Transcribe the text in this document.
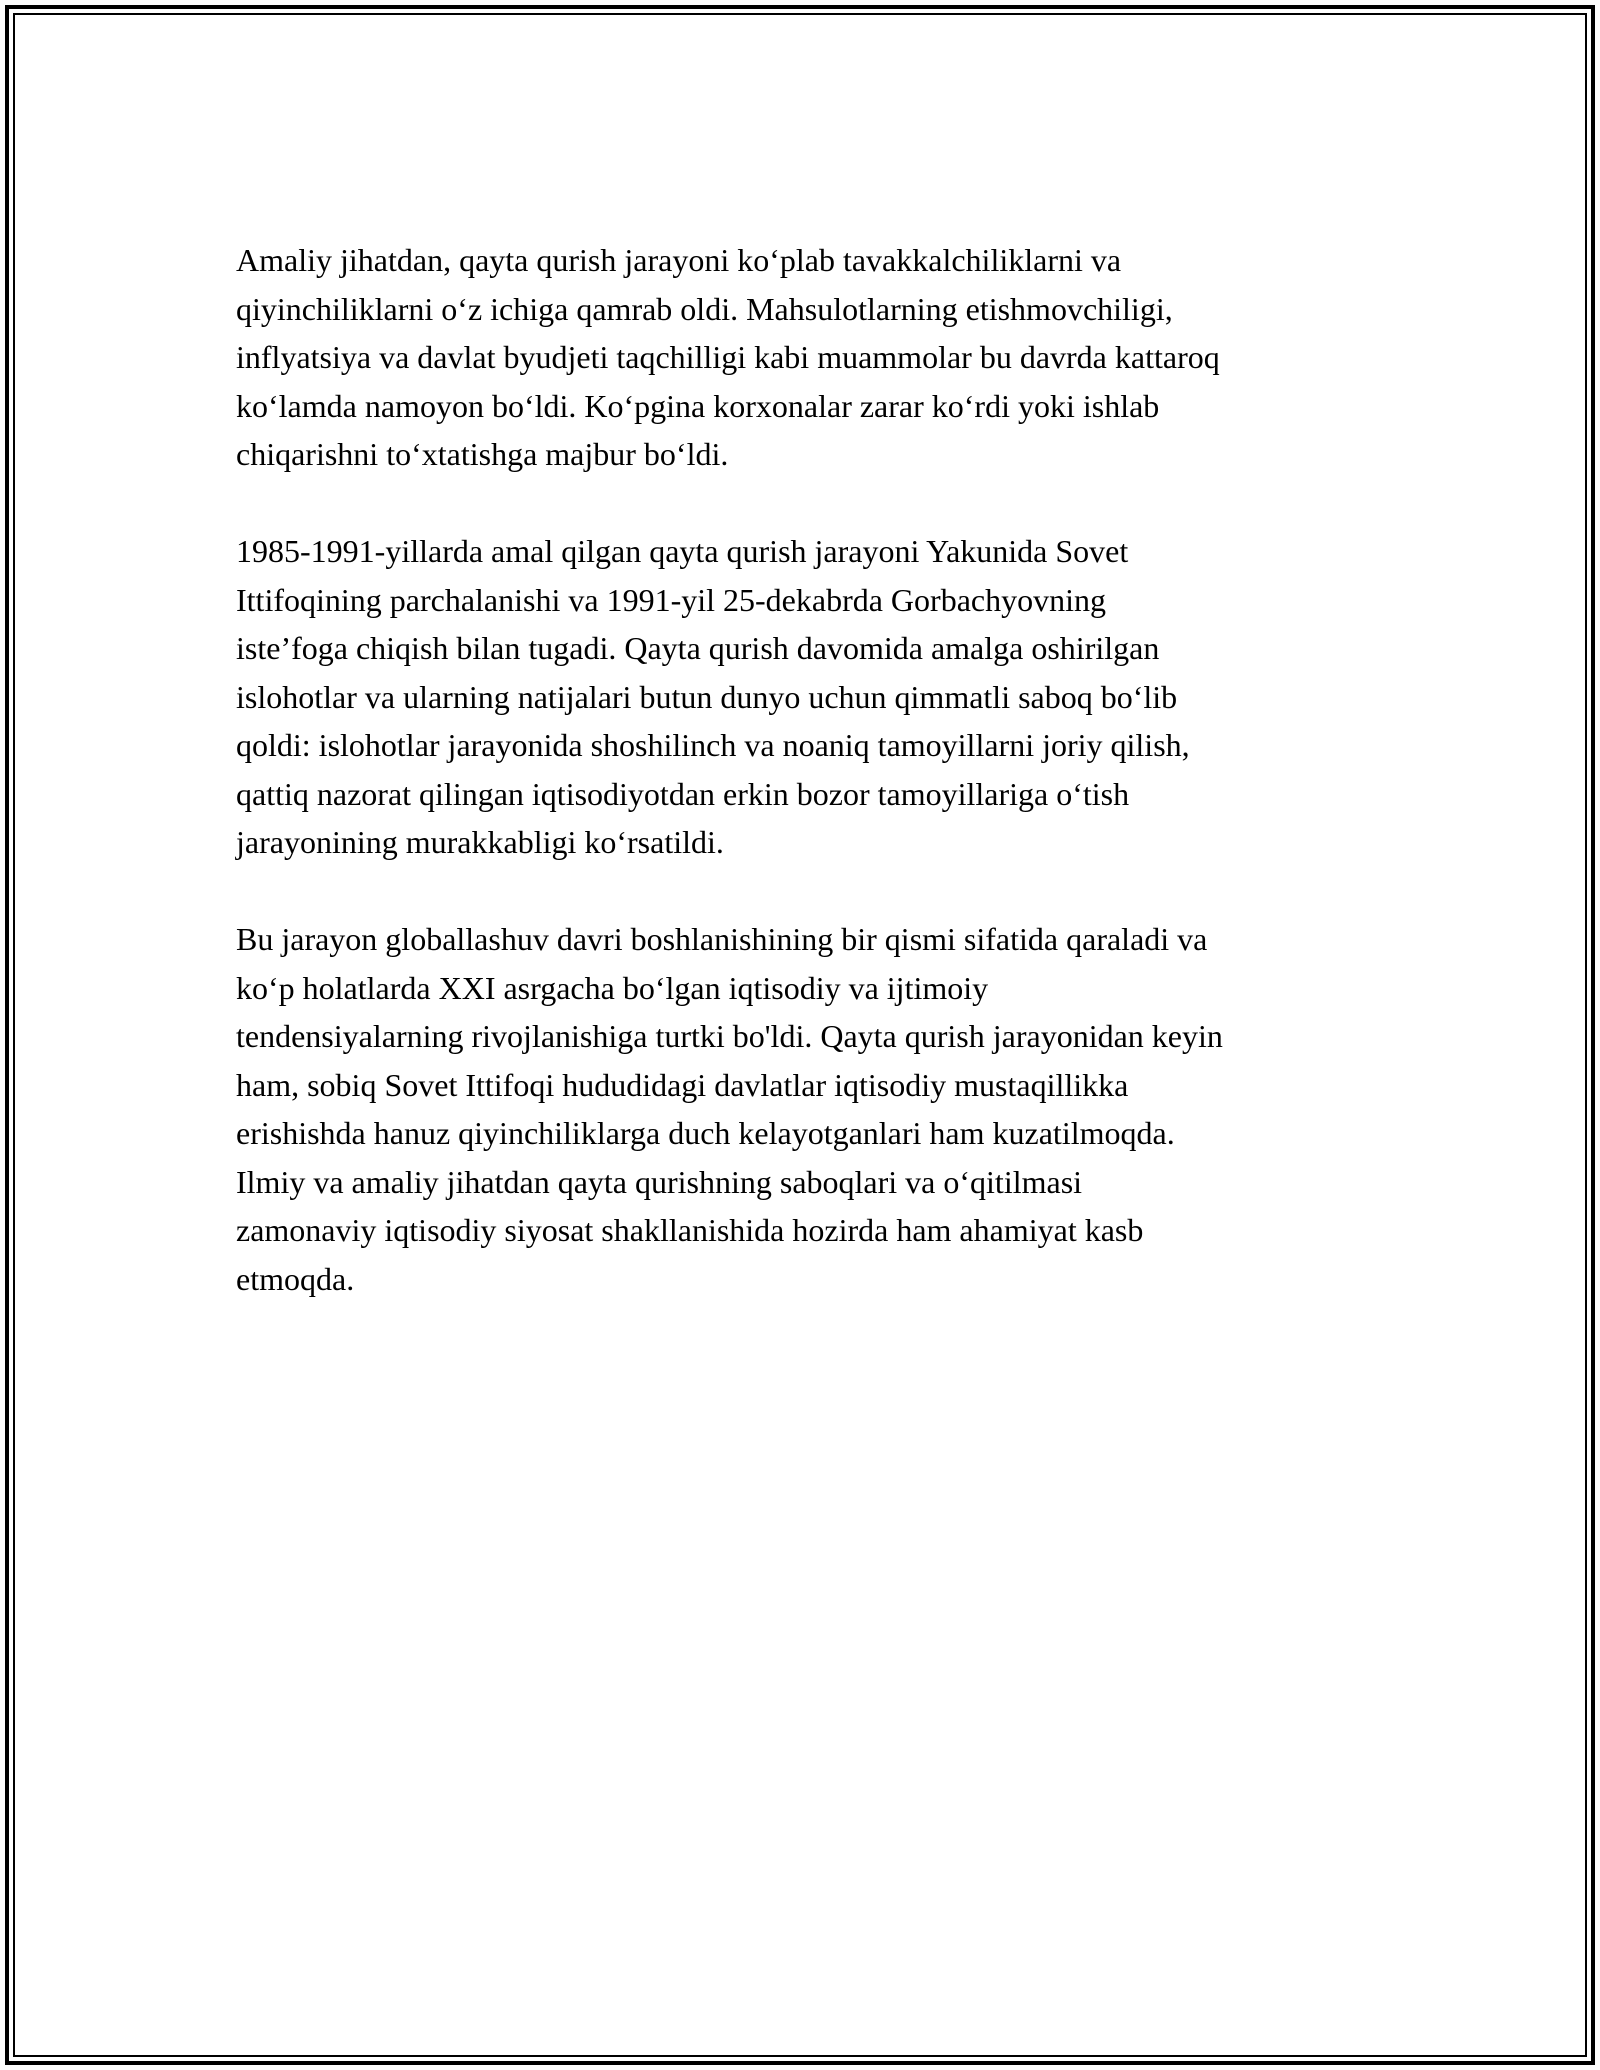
Amaliy jihatdan, qayta qurish jarayoni ko‘plab tavakkalchiliklarni va
qiyinchiliklarni o‘z ichiga qamrab oldi. Mahsulotlarning etishmovchiligi,
inflyatsiya va davlat byudjeti taqchilligi kabi muammolar bu davrda kattaroq
ko‘lamda namoyon bo‘ldi. Ko‘pgina korxonalar zarar ko‘rdi yoki ishlab
chiqarishni to‘xtatishga majbur bo‘ldi.

1985-1991-yillarda amal qilgan qayta qurish jarayoni Yakunida Sovet
Ittifoqining parchalanishi va 1991-yil 25-dekabrda Gorbachyovning
iste’foga chiqish bilan tugadi. Qayta qurish davomida amalga oshirilgan
islohotlar va ularning natijalari butun dunyo uchun qimmatli saboq bo‘lib
qoldi: islohotlar jarayonida shoshilinch va noaniq tamoyillarni joriy qilish,
qattiq nazorat qilingan iqtisodiyotdan erkin bozor tamoyillariga o‘tish
jarayonining murakkabligi ko‘rsatildi.

Bu jarayon globallashuv davri boshlanishining bir qismi sifatida qaraladi va
ko‘p holatlarda XXI asrgacha bo‘lgan iqtisodiy va ijtimoiy
tendensiyalarning rivojlanishiga turtki bo'ldi. Qayta qurish jarayonidan keyin
ham, sobiq Sovet Ittifoqi hududidagi davlatlar iqtisodiy mustaqillikka
erishishda hanuz qiyinchiliklarga duch kelayotganlari ham kuzatilmoqda.
Ilmiy va amaliy jihatdan qayta qurishning saboqlari va o‘qitilmasi
zamonaviy iqtisodiy siyosat shakllanishida hozirda ham ahamiyat kasb
etmoqda.
